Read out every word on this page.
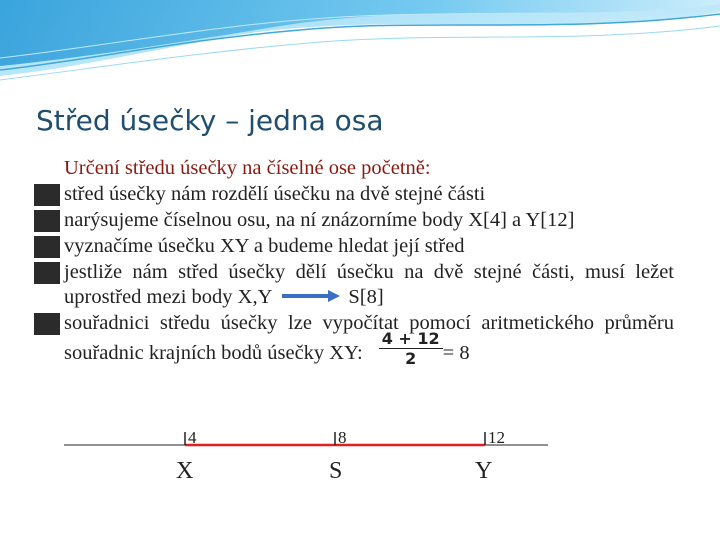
Střed úsečky – jedna osa
Určení středu úsečky na číselné ose početně:
střed úsečky nám rozdělí úsečku na dvě stejné části
narýsujeme číselnou osu, na ní znázorníme body X[4] a Y[12]
vyznačíme úsečku XY a budeme hledat její střed
jestliže nám střed úsečky dělí úsečku na dvě stejné části, musí ležet uprostřed mezi body X,Y	S[8]
souřadnici středu úsečky lze vypočítat pomocí aritmetického průměru souřadnic krajních bodů úsečky XY: $\frac{4 + 12}{2} = 8$
4	8	12
X	S	Y
